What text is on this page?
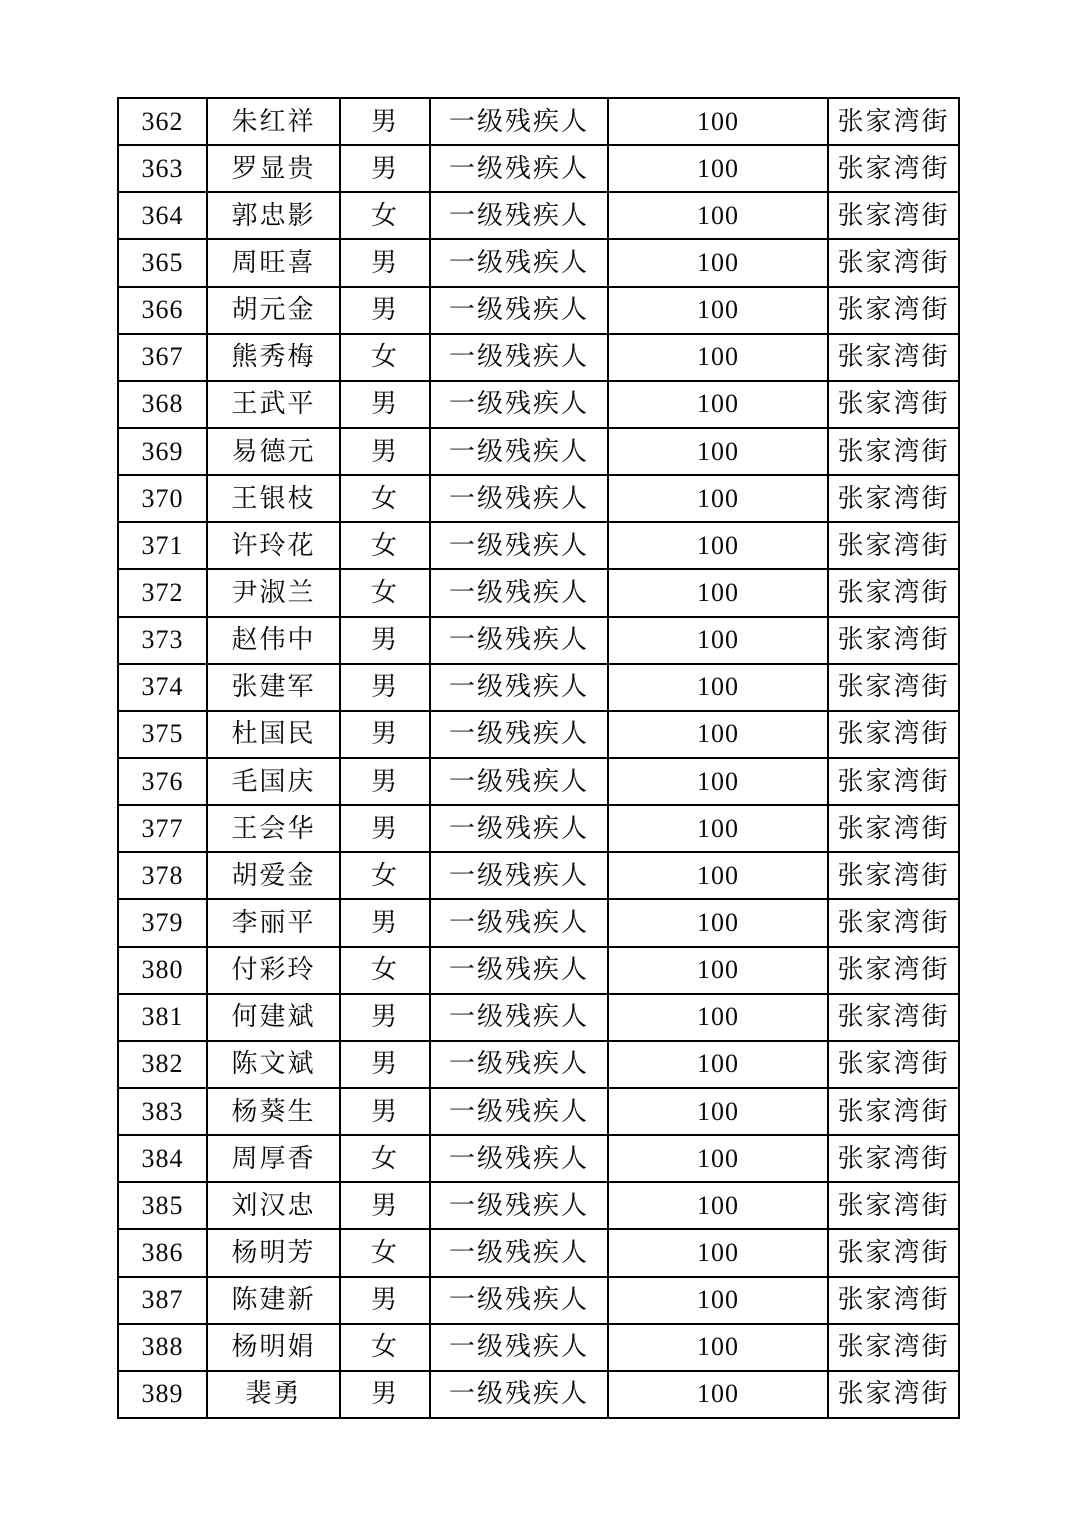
362	朱红祥	男	一级残疾人	100	张家湾街
363	罗显贵	男	一级残疾人	100	张家湾街
364	郭忠影	女	一级残疾人	100	张家湾街
365	周旺喜	男	一级残疾人	100	张家湾街
366	胡元金	男	一级残疾人	100	张家湾街
367	熊秀梅	女	一级残疾人	100	张家湾街
368	王武平	男	一级残疾人	100	张家湾街
369	易德元	男	一级残疾人	100	张家湾街
370	王银枝	女	一级残疾人	100	张家湾街
371	许玲花	女	一级残疾人	100	张家湾街
372	尹淑兰	女	一级残疾人	100	张家湾街
373	赵伟中	男	一级残疾人	100	张家湾街
374	张建军	男	一级残疾人	100	张家湾街
375	杜国民	男	一级残疾人	100	张家湾街
376	毛国庆	男	一级残疾人	100	张家湾街
377	王会华	男	一级残疾人	100	张家湾街
378	胡爱金	女	一级残疾人	100	张家湾街
379	李丽平	男	一级残疾人	100	张家湾街
380	付彩玲	女	一级残疾人	100	张家湾街
381	何建斌	男	一级残疾人	100	张家湾街
382	陈文斌	男	一级残疾人	100	张家湾街
383	杨葵生	男	一级残疾人	100	张家湾街
384	周厚香	女	一级残疾人	100	张家湾街
385	刘汉忠	男	一级残疾人	100	张家湾街
386	杨明芳	女	一级残疾人	100	张家湾街
387	陈建新	男	一级残疾人	100	张家湾街
388	杨明娟	女	一级残疾人	100	张家湾街
389	裴勇	男	一级残疾人	100	张家湾街
